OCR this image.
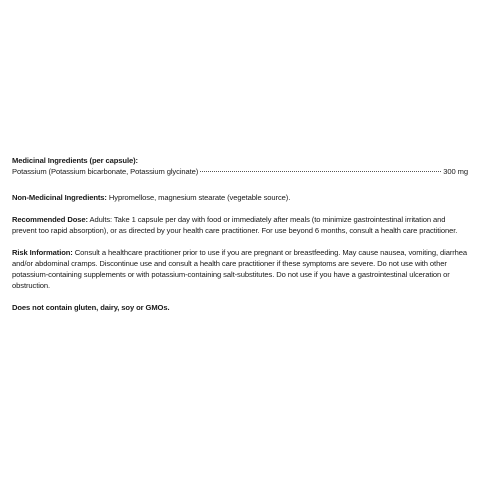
Medicinal Ingredients (per capsule):
Potassium (Potassium bicarbonate, Potassium glycinate)	300 mg
Non-Medicinal Ingredients: Hypromellose, magnesium stearate (vegetable source).
Recommended Dose: Adults: Take 1 capsule per day with food or immediately after meals (to minimize gastrointestinal irritation and prevent too rapid absorption), or as directed by your health care practitioner. For use beyond 6 months, consult a health care practitioner.
Risk Information: Consult a healthcare practitioner prior to use if you are pregnant or breastfeeding. May cause nausea, vomiting, diarrhea and/or abdominal cramps. Discontinue use and consult a health care practitioner if these symptoms are severe. Do not use with other potassium-containing supplements or with potassium-containing salt-substitutes. Do not use if you have a gastrointestinal ulceration or obstruction.
Does not contain gluten, dairy, soy or GMOs.
